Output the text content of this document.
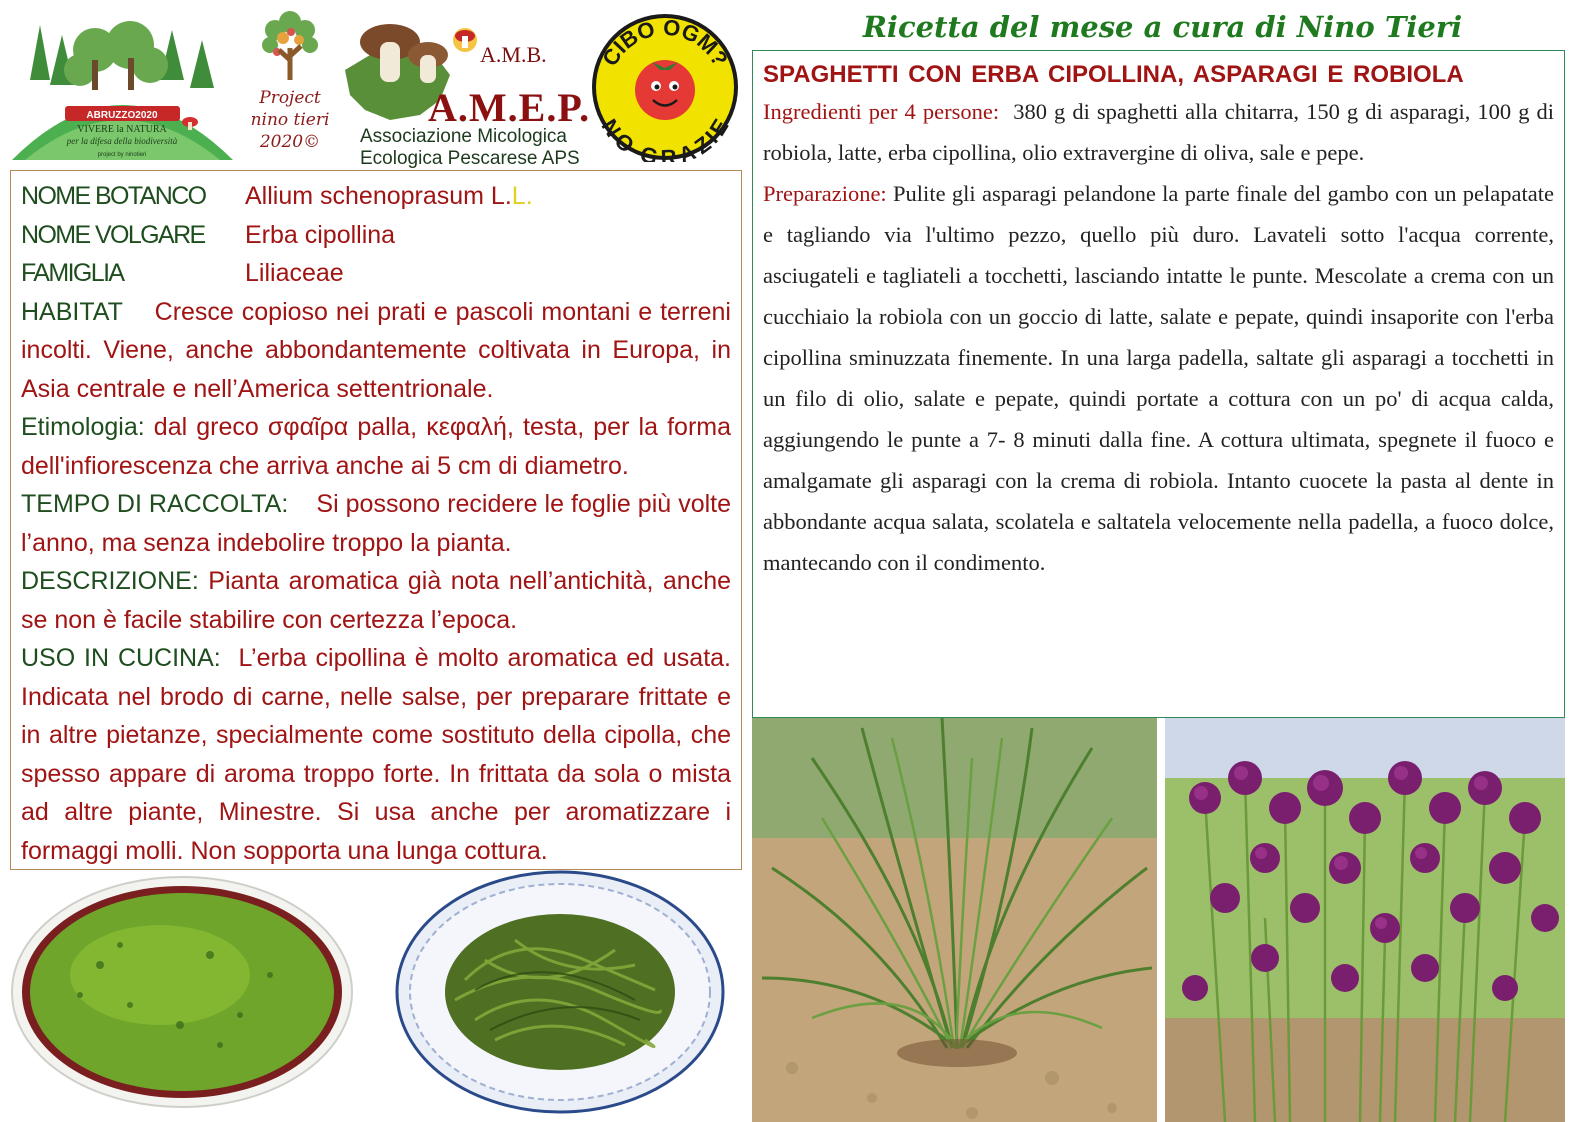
ABRUZZO2020
VIVERE la NATURA
per la difesa della biodiversità
project by ninotieri
Project
nino tieri
2020©
A.M.B.
A.M.E.P.
Associazione Micologica
Ecologica Pescarese APS
CIBO OGM?
NO GRAZIE
Ricetta del mese a cura di Nino Tieri
NOME BOTANCO	Allium schenoprasum L. L.
NOME VOLGARE	Erba cipollina
FAMIGLIA	Liliaceae
HABITAT Cresce copioso nei prati e pascoli montani e terreni incolti. Viene, anche abbondantemente coltivata in Europa, in Asia centrale e nell’America settentrionale.
Etimologia: dal greco σφαῖρα palla, κεφαλή, testa, per la forma dell'infiorescenza che arriva anche ai 5 cm di diametro.
TEMPO DI RACCOLTA: Si possono recidere le foglie più volte l’anno, ma senza indebolire troppo la pianta.
DESCRIZIONE: Pianta aromatica già nota nell’antichità, anche se non è facile stabilire con certezza l’epoca.
USO IN CUCINA: L’erba cipollina è molto aromatica ed usata. Indicata nel brodo di carne, nelle salse, per preparare frittate e in altre pietanze, specialmente come sostituto della cipolla, che spesso appare di aroma troppo forte. In frittata da sola o mista ad altre piante, Minestre. Si usa anche per aromatizzare i formaggi molli. Non sopporta una lunga cottura.
SPAGHETTI CON ERBA CIPOLLINA, ASPARAGI E ROBIOLA
Ingredienti per 4 persone: 380 g di spaghetti alla chitarra, 150 g di asparagi, 100 g di robiola, latte, erba cipollina, olio extravergine di oliva, sale e pepe.
Preparazione: Pulite gli asparagi pelandone la parte finale del gambo con un pelapatate e tagliando via l'ultimo pezzo, quello più duro. Lavateli sotto l'acqua corrente, asciugateli e tagliateli a tocchetti, lasciando intatte le punte. Mescolate a crema con un cucchiaio la robiola con un goccio di latte, salate e pepate, quindi insaporite con l'erba cipollina sminuzzata finemente. In una larga padella, saltate gli asparagi a tocchetti in un filo di olio, salate e pepate, quindi portate a cottura con un po' di acqua calda, aggiungendo le punte a 7- 8 minuti dalla fine. A cottura ultimata, spegnete il fuoco e amalgamate gli asparagi con la crema di robiola. Intanto cuocete la pasta al dente in abbondante acqua salata, scolatela e saltatela velocemente nella padella, a fuoco dolce, mantecando con il condimento.
